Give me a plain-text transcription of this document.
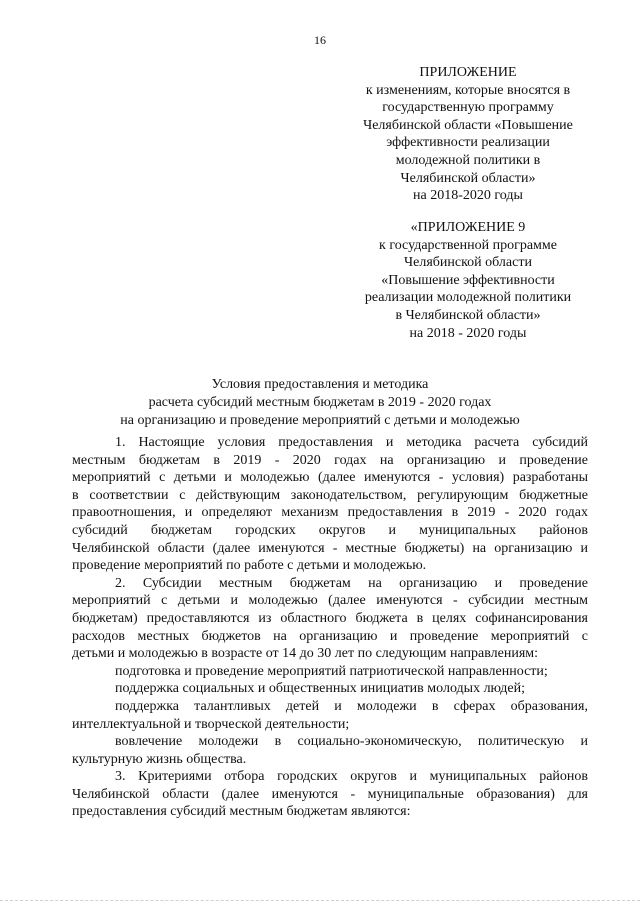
16
ПРИЛОЖЕНИЕ
к изменениям, которые вносятся в
государственную программу
Челябинской области «Повышение
эффективности реализации
молодежной политики в
Челябинской области»
на 2018-2020 годы
«ПРИЛОЖЕНИЕ 9
к государственной программе
Челябинской области
«Повышение эффективности
реализации молодежной политики
в Челябинской области»
на 2018 - 2020 годы
Условия предоставления и методика
расчета субсидий местным бюджетам в 2019 - 2020 годах
на организацию и проведение мероприятий с детьми и молодежью

1. Настоящие условия предоставления и методика расчета субсидий

местным бюджетам в 2019 - 2020 годах на организацию и проведение

мероприятий с детьми и молодежью (далее именуются - условия) разработаны

в соответствии с действующим законодательством, регулирующим бюджетные

правоотношения, и определяют механизм предоставления в 2019 - 2020 годах

субсидий бюджетам городских округов и муниципальных районов

Челябинской области (далее именуются - местные бюджеты) на организацию и

проведение мероприятий по работе с детьми и молодежью.

2. Субсидии местным бюджетам на организацию и проведение

мероприятий с детьми и молодежью (далее именуются - субсидии местным

бюджетам) предоставляются из областного бюджета в целях софинансирования

расходов местных бюджетов на организацию и проведение мероприятий с

детьми и молодежью в возрасте от 14 до 30 лет по следующим направлениям:

подготовка и проведение мероприятий патриотической направленности;

поддержка социальных и общественных инициатив молодых людей;

поддержка талантливых детей и молодежи в сферах образования,

интеллектуальной и творческой деятельности;

вовлечение молодежи в социально-экономическую, политическую и

культурную жизнь общества.

3. Критериями отбора городских округов и муниципальных районов

Челябинской области (далее именуются - муниципальные образования) для

предоставления субсидий местным бюджетам являются:
